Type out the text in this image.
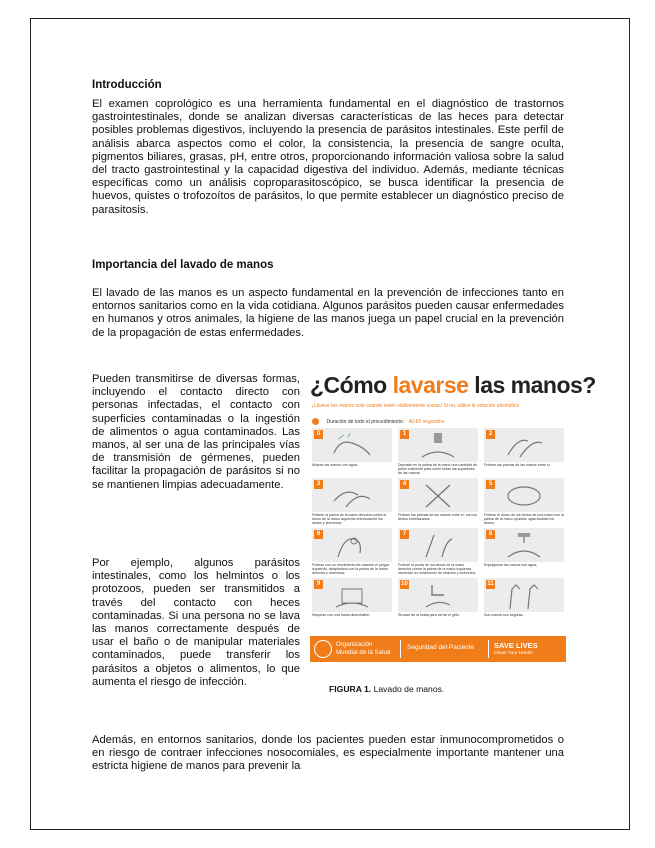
Introducción

El examen coprológico es una herramienta fundamental en el diagnóstico de trastornos gastrointestinales, donde se analizan diversas características de las heces para detectar posibles problemas digestivos, incluyendo la presencia de parásitos intestinales. Este perfil de análisis abarca aspectos como el color, la consistencia, la presencia de sangre oculta, pigmentos biliares, grasas, pH, entre otros, proporcionando información valiosa sobre la salud del tracto gastrointestinal y la capacidad digestiva del individuo. Además, mediante técnicas específicas como un análisis coproparasitoscópico, se busca identificar la presencia de huevos, quistes o trofozoítos de parásitos, lo que permite establecer un diagnóstico preciso de parasitosis.

Importancia del lavado de manos

El lavado de las manos es un aspecto fundamental en la prevención de infecciones tanto en entornos sanitarios como en la vida cotidiana. Algunos parásitos pueden causar enfermedades en humanos y otros animales, la higiene de las manos juega un papel crucial en la prevención de la propagación de estas enfermedades.

Pueden transmitirse de diversas formas, incluyendo el contacto directo con personas infectadas, el contacto con superficies contaminadas o la ingestión de alimentos o agua contaminados. Las manos, al ser una de las principales vías de transmisión de gérmenes, pueden facilitar la propagación de parásitos si no se mantienen limpias adecuadamente.

Por ejemplo, algunos parásitos intestinales, como los helmintos o los protozoos, pueden ser transmitidos a través del contacto con heces contaminadas. Si una persona no se lava las manos correctamente después de usar el baño o de manipular materiales contaminados, puede transferir los parásitos a objetos o alimentos, lo que aumenta el riesgo de infección.

¿Cómo lavarse las manos?
¡Lávese las manos solo cuando estén visiblemente sucias! Si no, utilice la solución alcohólica
Duración de todo el procedimiento: 40-60 segundos
0
Mójese las manos con agua;
1
Deposite en la palma de la mano una cantidad de jabón suficiente para cubrir todas las superficies de las manos;
2
Frótese las palmas de las manos entre sí;
3
Frótese la palma de la mano derecha contra el dorso de la mano izquierda entrelazando los dedos y viceversa;
4
Frótese las palmas de las manos entre sí, con los dedos entrelazados;
5
Frótese el dorso de los dedos de una mano con la palma de la mano opuesta, agarrándose los dedos;
6
Frótese con un movimiento de rotación el pulgar izquierdo, atrapándolo con la palma de la mano derecha y viceversa;
7
Frótese la punta de los dedos de la mano derecha contra la palma de la mano izquierda, haciendo un movimiento de rotación y viceversa;
8
Enjuáguese las manos con agua;
9
Séquese con una toalla desechable;
10
Sírvase de la toalla para cerrar el grifo;
11
Sus manos son seguras.
Organización Mundial de la Salud
Seguridad del Paciente	SAVE LIVES
Clean Your Hands
FIGURA 1. Lavado de manos.

Además, en entornos sanitarios, donde los pacientes pueden estar inmunocomprometidos o en riesgo de contraer infecciones nosocomiales, es especialmente importante mantener una estricta higiene de manos para prevenir la
